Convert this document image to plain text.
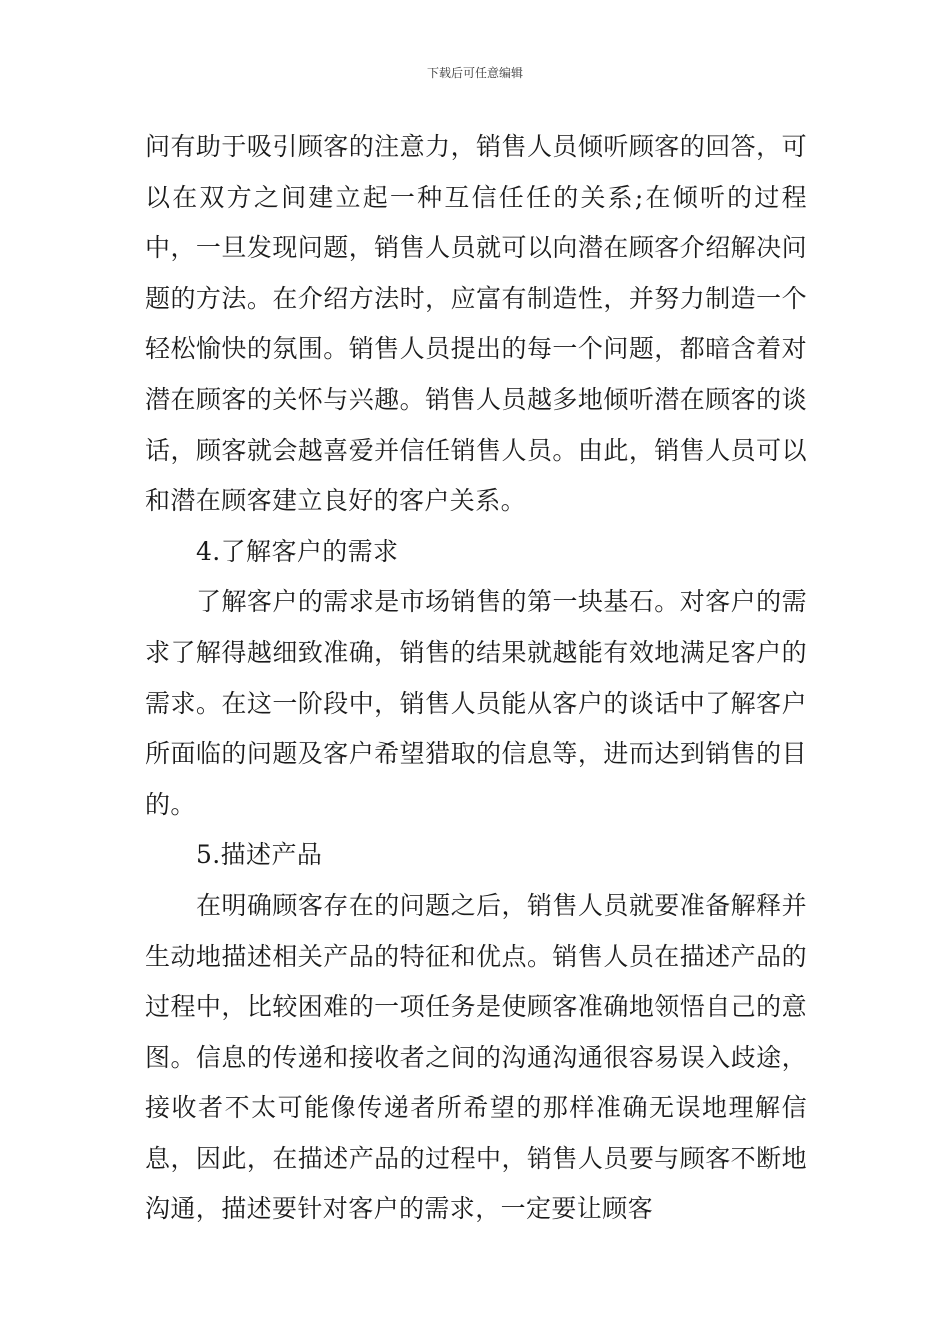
下载后可任意编辑

问有助于吸引顾客的注意力，销售人员倾听顾客的回答，可以在双方之间建立起一种互信任任的关系;在倾听的过程中，一旦发现问题，销售人员就可以向潜在顾客介绍解决问题的方法。在介绍方法时，应富有制造性，并努力制造一个轻松愉快的氛围。销售人员提出的每一个问题，都暗含着对潜在顾客的关怀与兴趣。销售人员越多地倾听潜在顾客的谈话，顾客就会越喜爱并信任销售人员。由此，销售人员可以和潜在顾客建立良好的客户关系。

4.了解客户的需求

了解客户的需求是市场销售的第一块基石。对客户的需求了解得越细致准确，销售的结果就越能有效地满足客户的需求。在这一阶段中，销售人员能从客户的谈话中了解客户所面临的问题及客户希望猎取的信息等，进而达到销售的目的。

5.描述产品

在明确顾客存在的问题之后，销售人员就要准备解释并生动地描述相关产品的特征和优点。销售人员在描述产品的过程中，比较困难的一项任务是使顾客准确地领悟自己的意图。信息的传递和接收者之间的沟通沟通很容易误入歧途，接收者不太可能像传递者所希望的那样准确无误地理解信息，因此，在描述产品的过程中，销售人员要与顾客不断地沟通，描述要针对客户的需求，一定要让顾客
